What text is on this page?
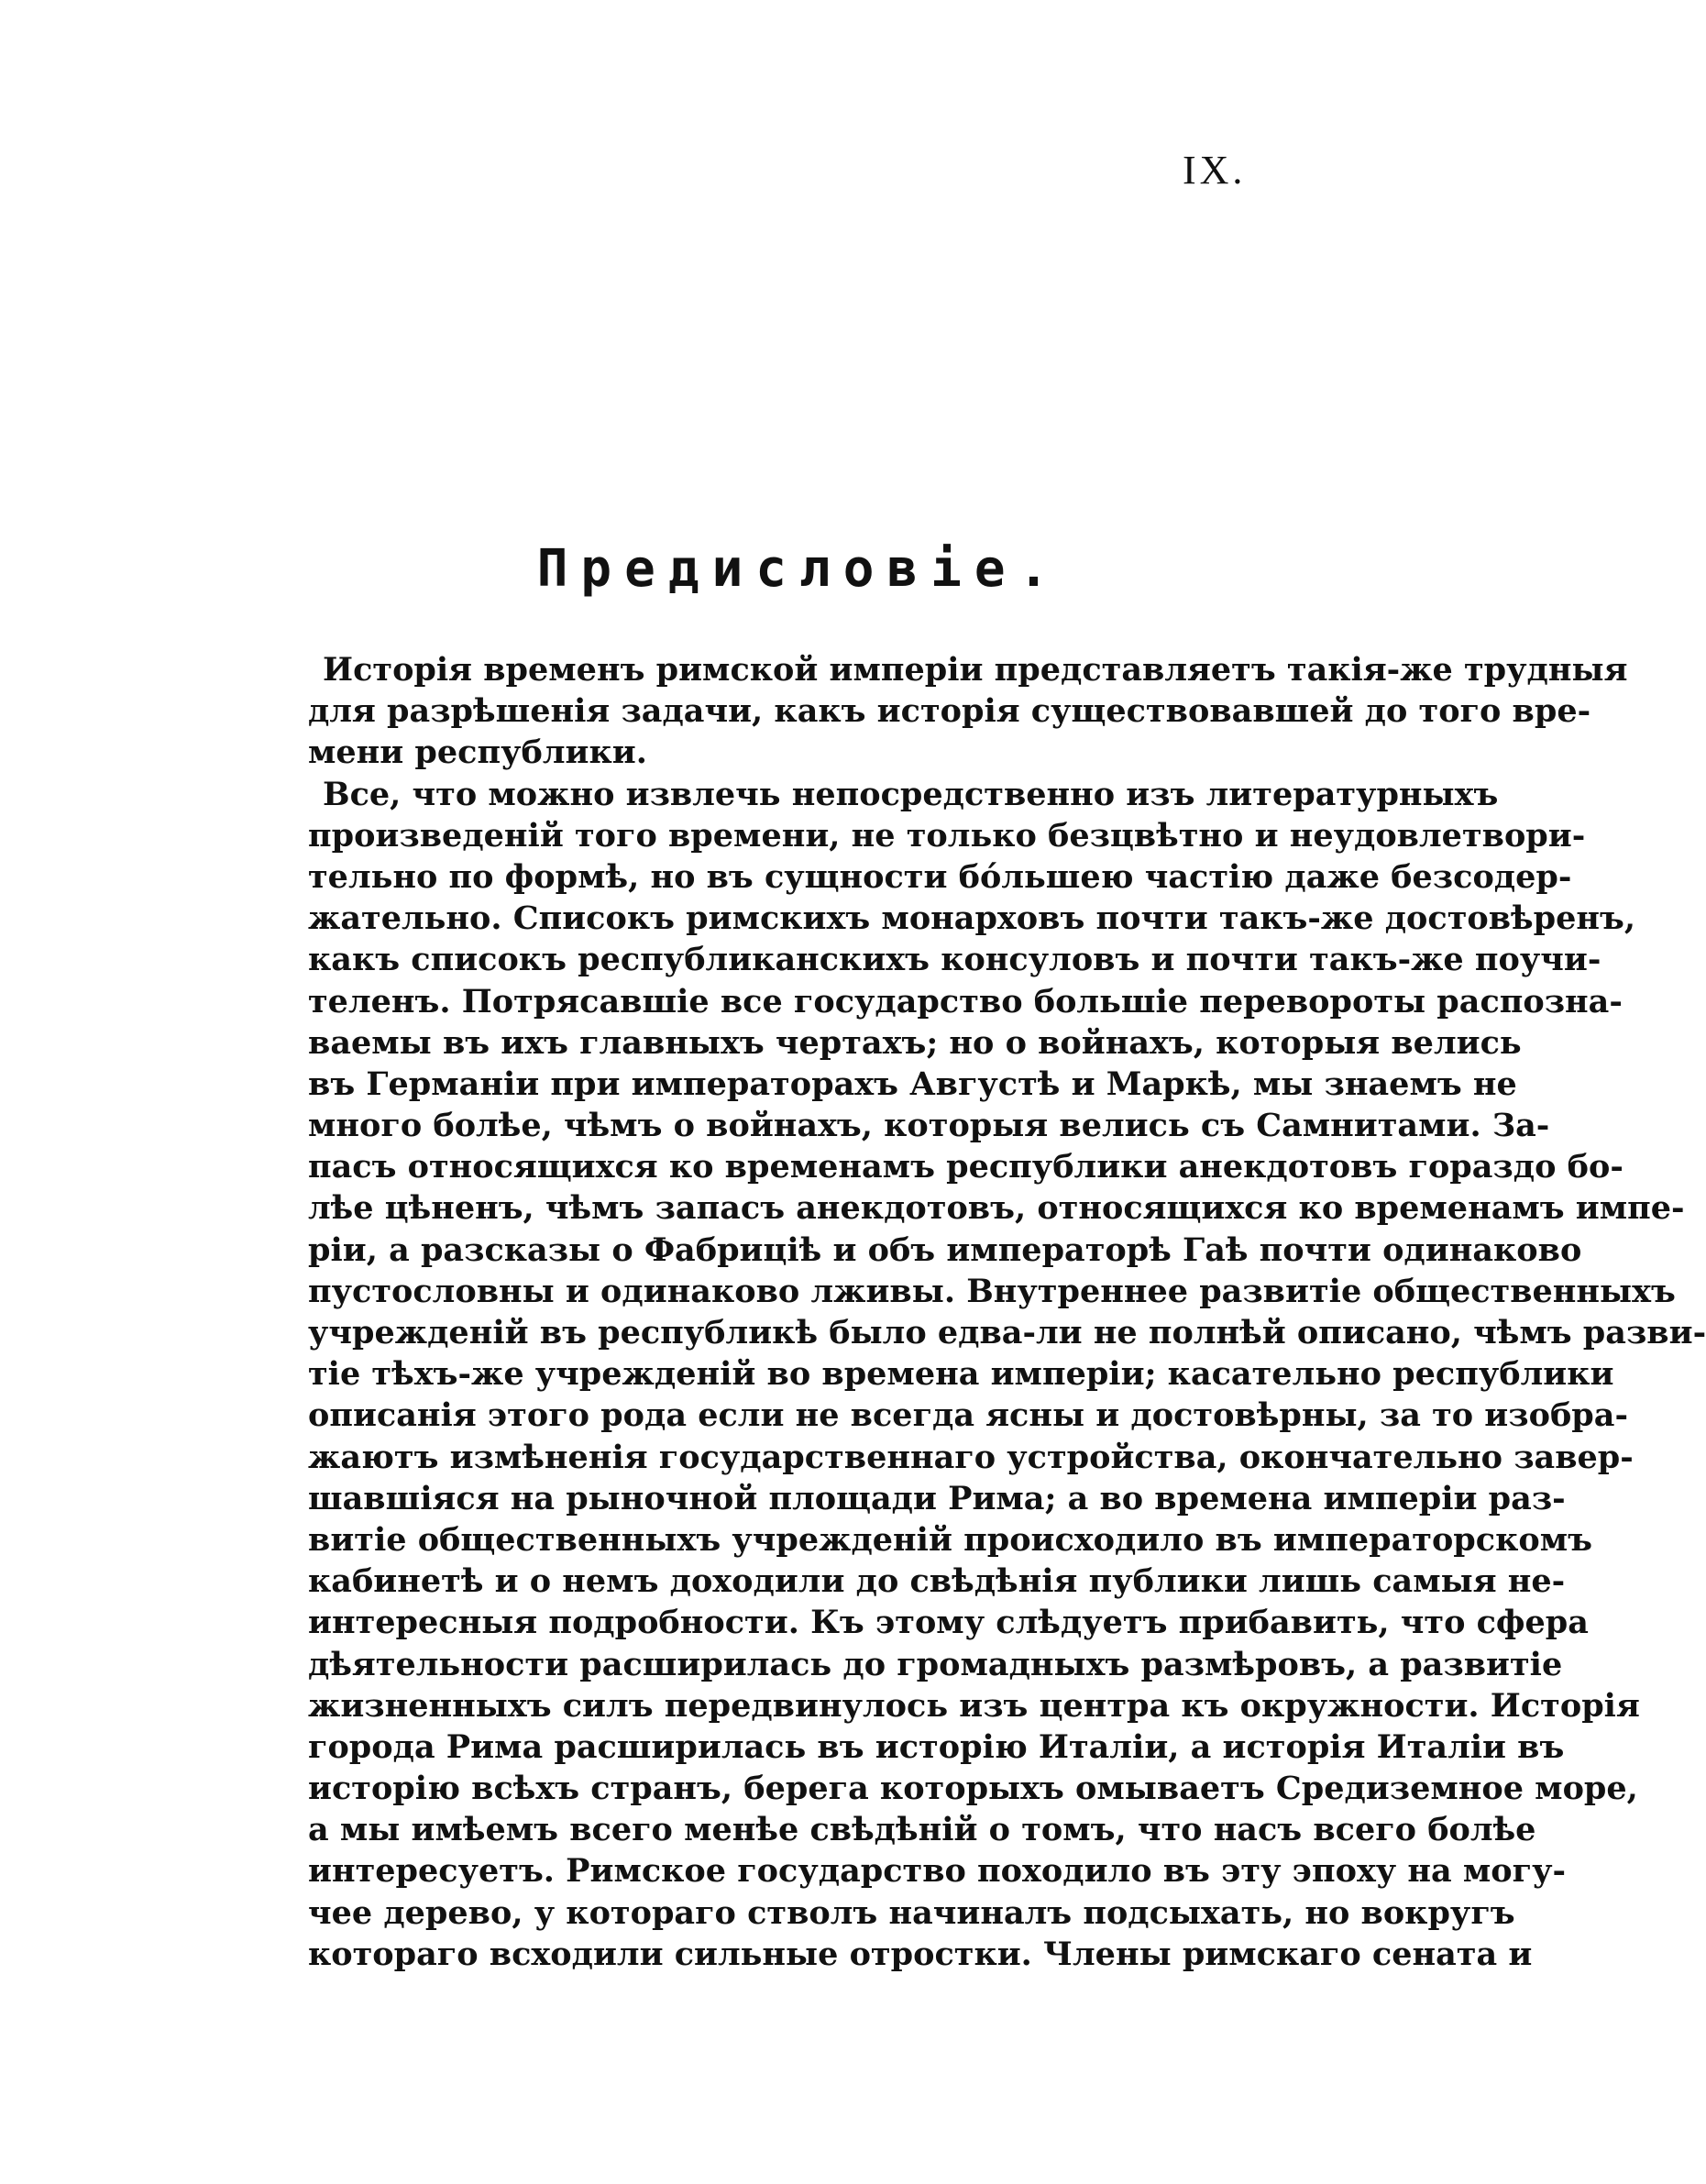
IX.
Предисловіе.
Исторія временъ римской имперіи представляетъ такія-же трудныя
для разрѣшенія задачи, какъ исторія существовавшей до того вре-
мени республики.
Все, что можно извлечь непосредственно изъ литературныхъ
произведеній того времени, не только безцвѣтно и неудовлетвори-
тельно по формѣ, но въ сущности бóльшею частію даже безсодер-
жательно. Списокъ римскихъ монарховъ почти такъ-же достовѣренъ,
какъ списокъ республиканскихъ консуловъ и почти такъ-же поучи-
теленъ. Потрясавшіе все государство большіе перевороты распозна-
ваемы въ ихъ главныхъ чертахъ; но о войнахъ, которыя велись
въ Германіи при императорахъ Августѣ и Маркѣ, мы знаемъ не
много болѣе, чѣмъ о войнахъ, которыя велись съ Самнитами. За-
пасъ относящихся ко временамъ республики анекдотовъ гораздо бо-
лѣе цѣненъ, чѣмъ запасъ анекдотовъ, относящихся ко временамъ импе-
ріи, а разсказы о Фабриціѣ и объ императорѣ Гаѣ почти одинаково
пустословны и одинаково лживы. Внутреннее развитіе общественныхъ
учрежденій въ республикѣ было едва-ли не полнѣй описано, чѣмъ разви-
тіе тѣхъ-же учрежденій во времена имперіи; касательно республики
описанія этого рода если не всегда ясны и достовѣрны, за то изобра-
жаютъ измѣненія государственнаго устройства, окончательно завер-
шавшіяся на рыночной площади Рима; а во времена имперіи раз-
витіе общественныхъ учрежденій происходило въ императорскомъ
кабинетѣ и о немъ доходили до свѣдѣнія публики лишь самыя не-
интересныя подробности. Къ этому слѣдуетъ прибавить, что сфера
дѣятельности расширилась до громадныхъ размѣровъ, а развитіе
жизненныхъ силъ передвинулось изъ центра къ окружности. Исторія
города Рима расширилась въ исторію Италіи, а исторія Италіи въ
исторію всѣхъ странъ, берега которыхъ омываетъ Средиземное море,
а мы имѣемъ всего менѣе свѣдѣній о томъ, что насъ всего болѣе
интересуетъ. Римское государство походило въ эту эпоху на могу-
чее дерево, у котораго стволъ начиналъ подсыхать, но вокругъ
котораго всходили сильные отростки. Члены римскаго сената и
